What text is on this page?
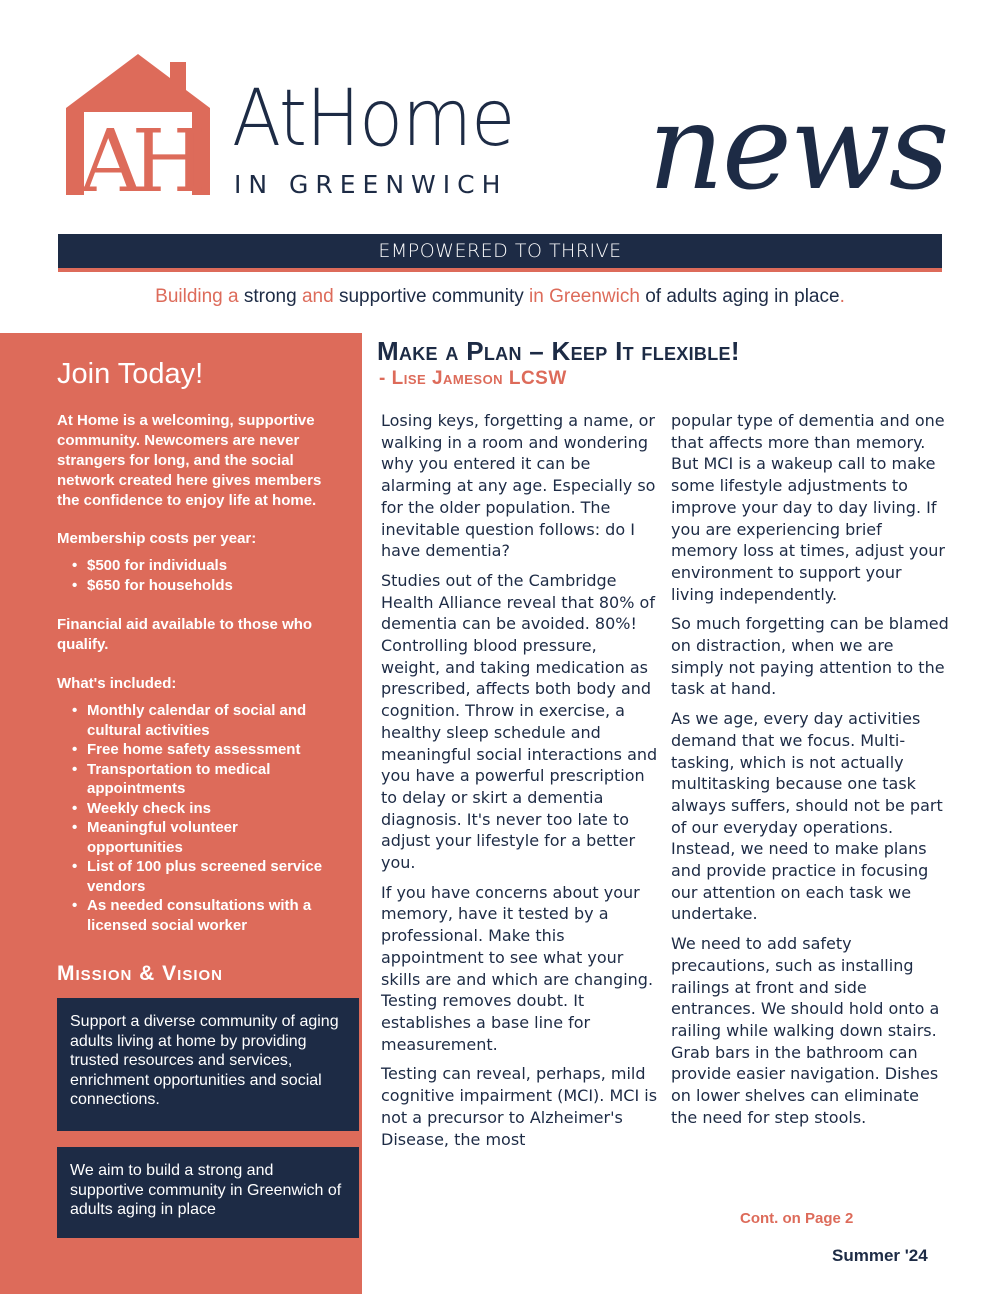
AH AtHome
IN GREENWICH news
EMPOWERED TO THRIVE
Building a strong and supportive community in Greenwich of adults aging in place.
Join Today!
At Home is a welcoming, supportive community. Newcomers are never strangers for long, and the social network created here gives members the confidence to enjoy life at home.
Membership costs per year:
• $500 for individuals
• $650 for households
Financial aid available to those who qualify.
What's included:
• Monthly calendar of social and cultural activities
• Free home safety assessment
• Transportation to medical appointments
• Weekly check ins
• Meaningful volunteer opportunities
• List of 100 plus screened service vendors
• As needed consultations with a licensed social worker
Mission & Vision
Support a diverse community of aging adults living at home by providing trusted resources and services, enrichment opportunities and social connections.
We aim to build a strong and supportive community in Greenwich of adults aging in place
Make a Plan – Keep It flexible!
- Lise Jameson LCSW

Losing keys, forgetting a name, or walking in a room and wondering why you entered it can be alarming at any age. Especially so for the older population. The inevitable question follows: do I have dementia?

Studies out of the Cambridge Health Alliance reveal that 80% of dementia can be avoided. 80%! Controlling blood pressure, weight, and taking medication as prescribed, affects both body and cognition. Throw in exercise, a healthy sleep schedule and meaningful social interactions and you have a powerful prescription to delay or skirt a dementia diagnosis. It's never too late to adjust your lifestyle for a better you.

If you have concerns about your memory, have it tested by a professional. Make this appointment to see what your skills are and which are changing. Testing removes doubt. It establishes a base line for measurement.

Testing can reveal, perhaps, mild cognitive impairment (MCI). MCI is not a precursor to Alzheimer's Disease, the most

popular type of dementia and one that affects more than memory. But MCI is a wakeup call to make some lifestyle adjustments to improve your day to day living. If you are experiencing brief memory loss at times, adjust your environment to support your living independently.

So much forgetting can be blamed on distraction, when we are simply not paying attention to the task at hand.

As we age, every day activities demand that we focus. Multi-tasking, which is not actually multitasking because one task always suffers, should not be part of our everyday operations. Instead, we need to make plans and provide practice in focusing our attention on each task we undertake.

We need to add safety precautions, such as installing railings at front and side entrances. We should hold onto a railing while walking down stairs. Grab bars in the bathroom can provide easier navigation. Dishes on lower shelves can eliminate the need for step stools.

Cont. on Page 2
Summer '24
